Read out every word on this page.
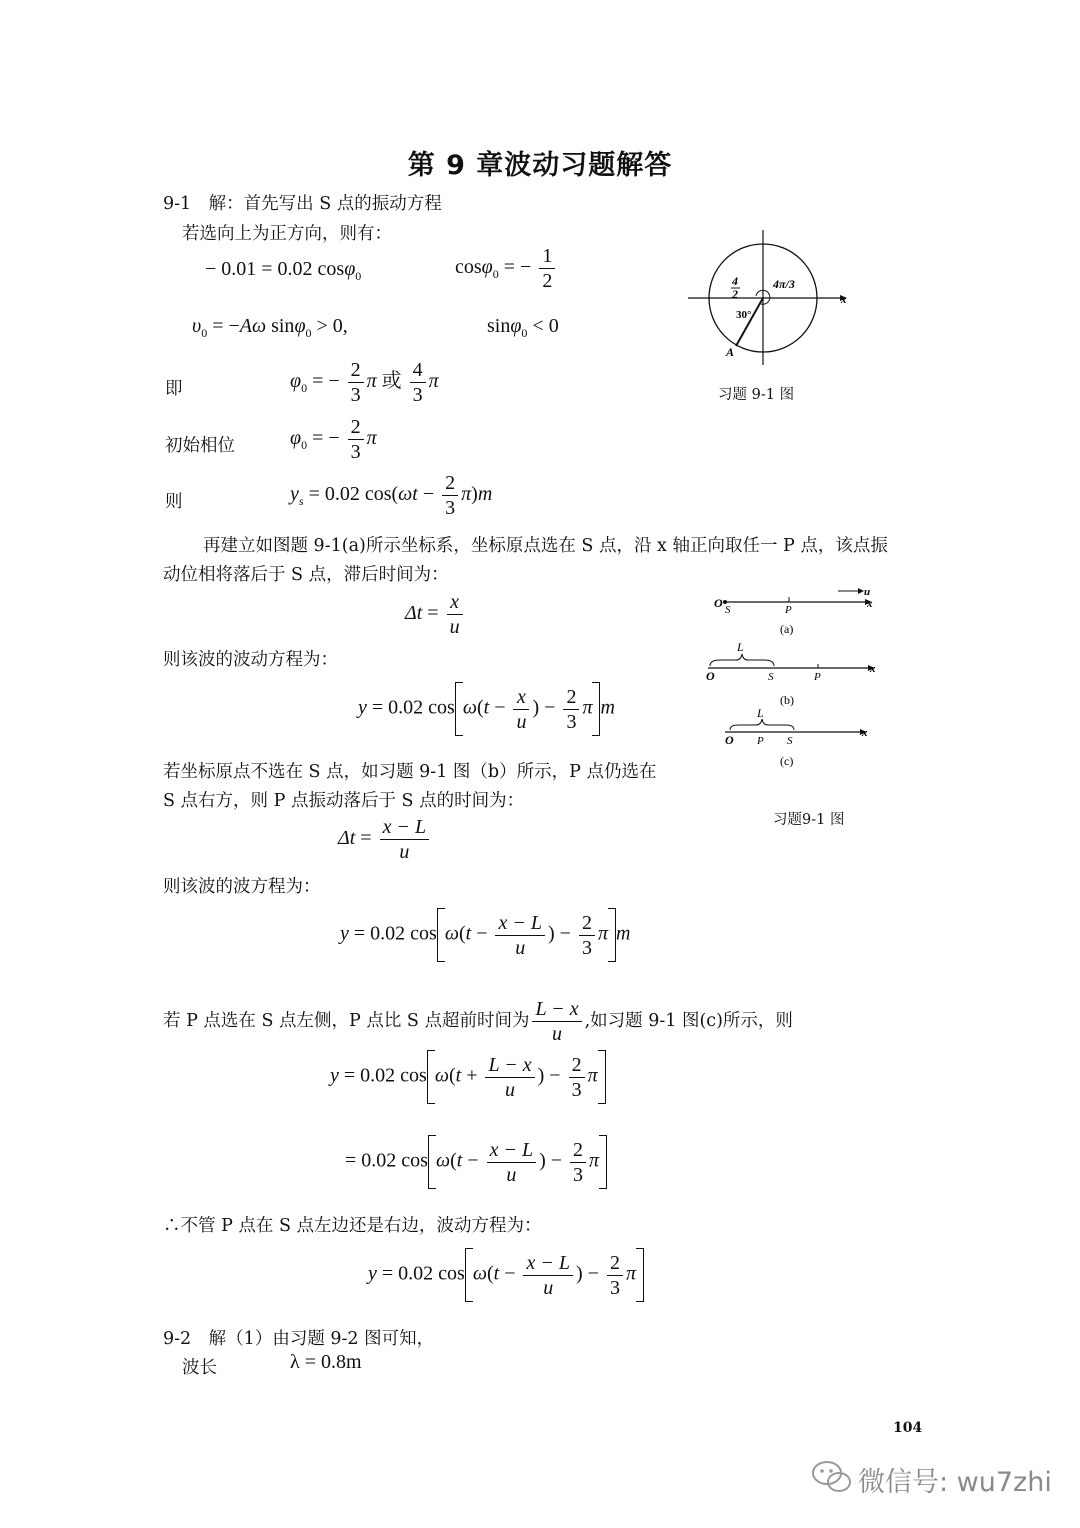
第 9 章波动习题解答
9-1　解：首先写出 S 点的振动方程
若选向上为正方向，则有：
− 0.01 = 0.02 cosφ$_0$	cosφ$_0$ = − $\frac{1}{2}$
$\upsilon_0 = -A\omega$ sinφ$_0$ > 0,	sinφ$_0$ < 0
即	$\varphi_0$ = − $\frac{2}{3}$ π 或 $\frac{4}{3}$ π
初始相位	$\varphi_0$ = − $\frac{2}{3}$ π
则	$y_s = 0.02$ $\cos(\omega t - \frac{2}{3} \pi)m$
再建立如图题 9-1(a)所示坐标系，坐标原点选在 S 点，沿 x 轴正向取任一 P 点，该点振
动位相将落后于 S 点，滞后时间为：
$\Delta t = \frac{x}{u}$
则该波的波动方程为：
y = 0.02 $\cos \omega(t - \frac{x}{u}$ ) − $\frac{2}{3}$ π m
若坐标原点不选在 S 点，如习题 9-1 图（b）所示，P 点仍选在
S 点右方，则 P 点振动落后于 S 点的时间为：
$\Delta t = \frac{x - L}{u}$
则该波的波方程为：
y = 0.02 $\cos \omega(t - \frac{x - L}{u}$ ) − $\frac{2}{3}$ π m
若 P 点选在 S 点左侧，P 点比 S 点超前时间为 $\frac{L - x}{u}$ ,如习题 9-1 图(c)所示，则
y = 0.02 $\cos \omega(t + \frac{L - x}{u}$ ) − $\frac{2}{3}$ π
= 0.02 $\cos \omega(t - \frac{x - L}{u}$ ) − $\frac{2}{3}$ π
∴不管 P 点在 S 点左边还是右边，波动方程为：
y = 0.02 $\cos \omega(t - \frac{x - L}{u}$ ) − $\frac{2}{3}$ π
9-2　解（1）由习题 9-2 图可知，
波长	λ = 0.8m
x
4
2
4π/3
30°
A
习题 9-1 图
O S	P
u
x
(a)
L
O	S	P
x
(b)
L
O P S
x
(c)
习题9-1 图
104
微信号: wu7zhi
